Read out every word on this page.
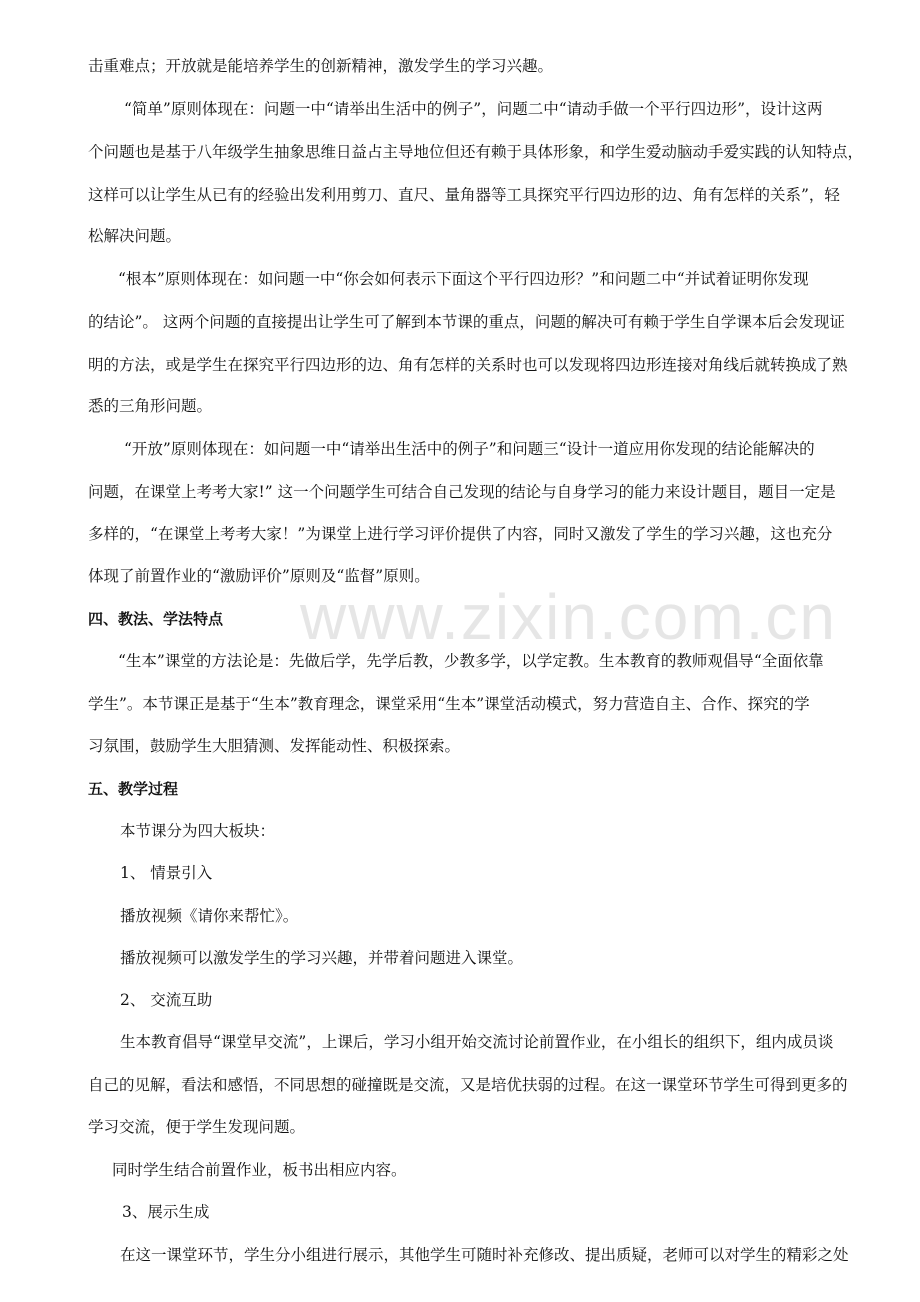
www.zixin.com.cn
击重难点；开放就是能培养学生的创新精神，激发学生的学习兴趣。
“简单”原则体现在：问题一中“请举出生活中的例子”，问题二中“请动手做一个平行四边形”，设计这两
个问题也是基于八年级学生抽象思维日益占主导地位但还有赖于具体形象，和学生爱动脑动手爱实践的认知特点，
这样可以让学生从已有的经验出发利用剪刀、直尺、量角器等工具探究平行四边形的边、角有怎样的关系”，轻
松解决问题。
“根本”原则体现在：如问题一中“你会如何表示下面这个平行四边形？”和问题二中“并试着证明你发现
的结论”。 这两个问题的直接提出让学生可了解到本节课的重点，问题的解决可有赖于学生自学课本后会发现证
明的方法，或是学生在探究平行四边形的边、角有怎样的关系时也可以发现将四边形连接对角线后就转换成了熟
悉的三角形问题。
“开放”原则体现在：如问题一中“请举出生活中的例子”和问题三“设计一道应用你发现的结论能解决的
问题，在课堂上考考大家!” 这一个问题学生可结合自己发现的结论与自身学习的能力来设计题目，题目一定是
多样的，“在课堂上考考大家！”为课堂上进行学习评价提供了内容，同时又激发了学生的学习兴趣，这也充分
体现了前置作业的“激励评价”原则及“监督”原则。
四、教法、学法特点
“生本”课堂的方法论是：先做后学，先学后教，少教多学，以学定教。生本教育的教师观倡导“全面依靠
学生”。本节课正是基于“生本”教育理念，课堂采用“生本”课堂活动模式，努力营造自主、合作、探究的学
习氛围，鼓励学生大胆猜测、发挥能动性、积极探索。
五、教学过程
本节课分为四大板块：
1、 情景引入
播放视频《请你来帮忙》。
播放视频可以激发学生的学习兴趣，并带着问题进入课堂。
2、 交流互助
生本教育倡导“课堂早交流”，上课后，学习小组开始交流讨论前置作业，在小组长的组织下，组内成员谈
自己的见解，看法和感悟，不同思想的碰撞既是交流，又是培优扶弱的过程。在这一课堂环节学生可得到更多的
学习交流，便于学生发现问题。
同时学生结合前置作业，板书出相应内容。
3、展示生成
在这一课堂环节，学生分小组进行展示，其他学生可随时补充修改、提出质疑，老师可以对学生的精彩之处
